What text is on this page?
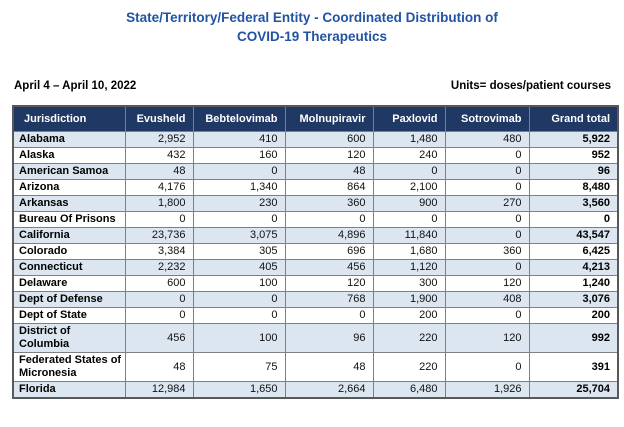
State/Territory/Federal Entity - Coordinated Distribution of
COVID-19 Therapeutics
April 4 – April 10, 2022	Units= doses/patient courses
Jurisdiction	Evusheld	Bebtelovimab	Molnupiravir	Paxlovid	Sotrovimab	Grand total
Alabama	2,952	410	600	1,480	480	5,922
Alaska	432	160	120	240	0	952
American Samoa	48	0	48	0	0	96
Arizona	4,176	1,340	864	2,100	0	8,480
Arkansas	1,800	230	360	900	270	3,560
Bureau Of Prisons	0	0	0	0	0	0
California	23,736	3,075	4,896	11,840	0	43,547
Colorado	3,384	305	696	1,680	360	6,425
Connecticut	2,232	405	456	1,120	0	4,213
Delaware	600	100	120	300	120	1,240
Dept of Defense	0	0	768	1,900	408	3,076
Dept of State	0	0	0	200	0	200
District of Columbia	456	100	96	220	120	992
Federated States of Micronesia	48	75	48	220	0	391
Florida	12,984	1,650	2,664	6,480	1,926	25,704
